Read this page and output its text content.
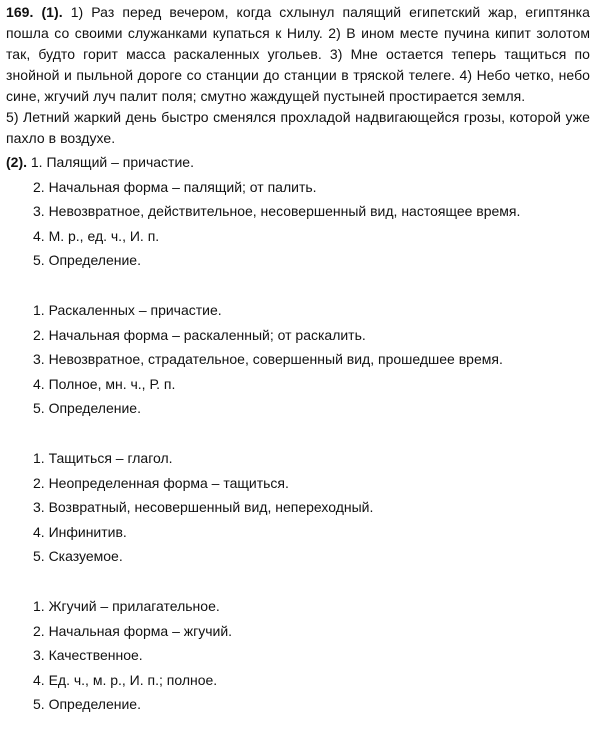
169. (1). 1) Раз перед вечером, когда схлынул палящий египетский жар, египтянка пошла со своими служанками купаться к Нилу. 2) В ином месте пучина кипит золотом так, будто горит масса раскаленных угольев. 3) Мне остается теперь тащиться по знойной и пыльной дороге со станции до станции в тряской телеге. 4) Небо четко, небо сине, жгучий луч палит поля; смутно жаждущей пустыней простирается земля.

5) Летний жаркий день быстро сменялся прохладой надвигающейся грозы, которой уже пахло в воздухе.

(2). 1. Палящий – причастие.
2. Начальная форма – палящий; от палить.
3. Невозвратное, действительное, несовершенный вид, настоящее время.
4. М. р., ед. ч., И. п.
5. Определение.
1. Раскаленных – причастие.
2. Начальная форма – раскаленный; от раскалить.
3. Невозвратное, страдательное, совершенный вид, прошедшее время.
4. Полное, мн. ч., Р. п.
5. Определение.
1. Тащиться – глагол.
2. Неопределенная форма – тащиться.
3. Возвратный, несовершенный вид, непереходный.
4. Инфинитив.
5. Сказуемое.
1. Жгучий – прилагательное.
2. Начальная форма – жгучий.
3. Качественное.
4. Ед. ч., м. р., И. п.; полное.
5. Определение.
